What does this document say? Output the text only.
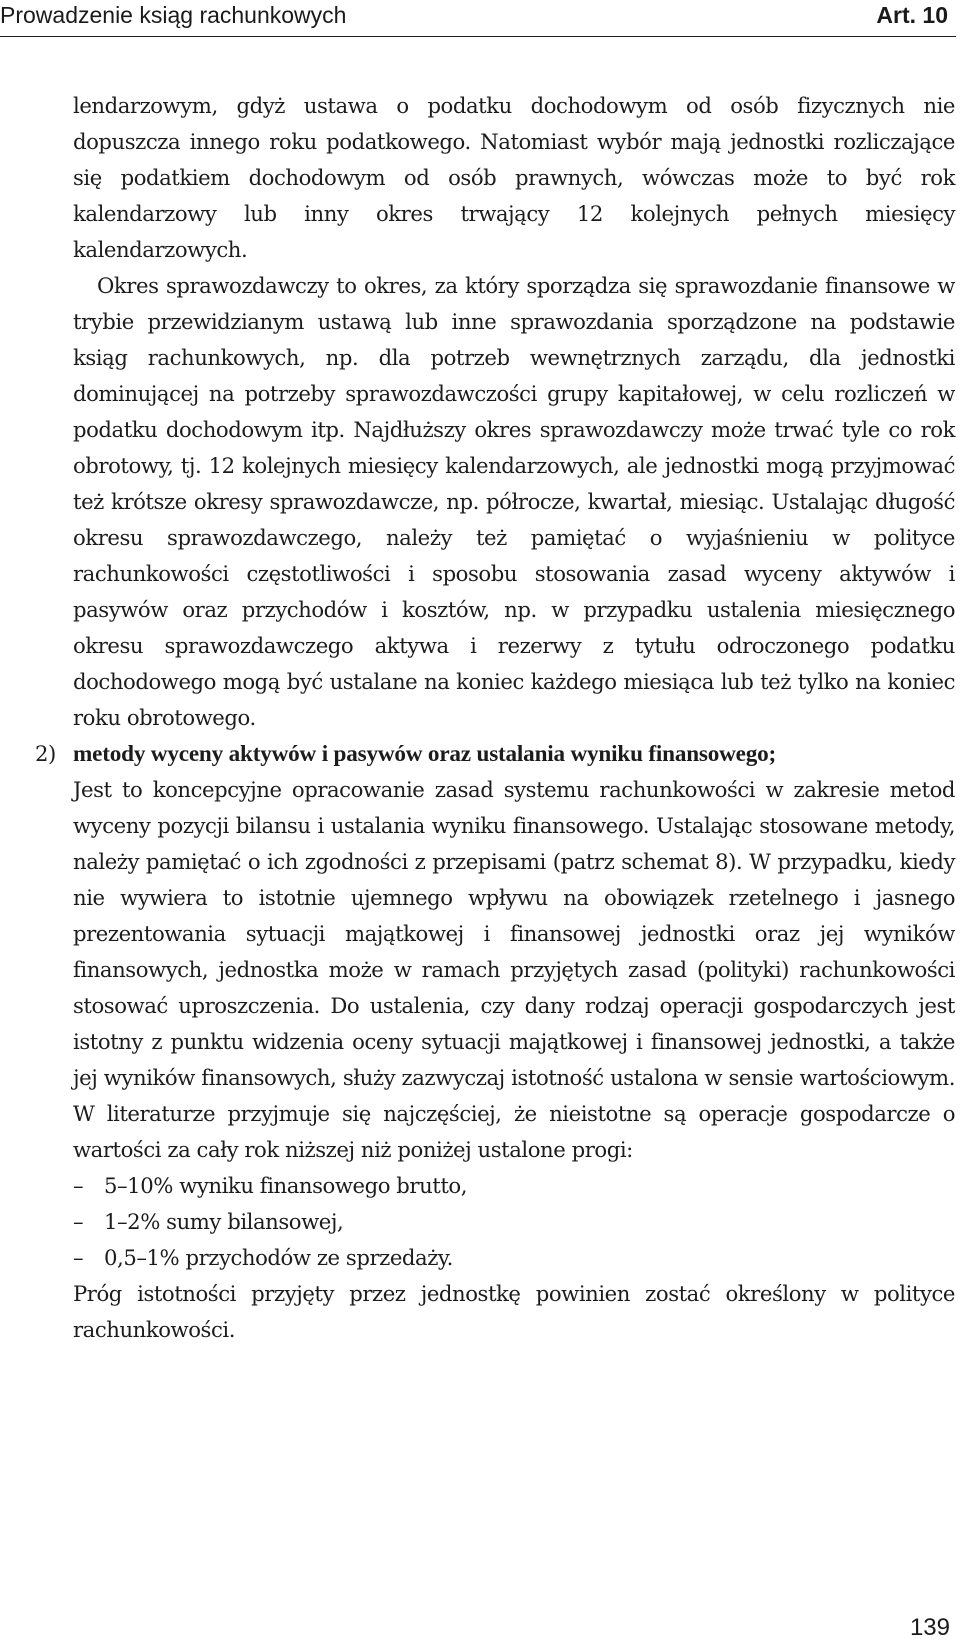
Prowadzenie ksiąg rachunkowych	Art. 10

lendarzowym, gdyż ustawa o podatku dochodowym od osób fizycznych nie dopuszcza innego roku podatkowego. Natomiast wybór mają jednostki rozliczające się podatkiem dochodowym od osób prawnych, wówczas może to być rok kalendarzowy lub inny okres trwający 12 kolejnych pełnych miesięcy kalendarzowych.

Okres sprawozdawczy to okres, za który sporządza się sprawozdanie finansowe w trybie przewidzianym ustawą lub inne sprawozdania sporządzone na podstawie ksiąg rachunkowych, np. dla potrzeb wewnętrznych zarządu, dla jednostki dominującej na potrzeby sprawozdawczości grupy kapitałowej, w celu rozliczeń w podatku dochodowym itp. Najdłuższy okres sprawozdawczy może trwać tyle co rok obrotowy, tj. 12 kolejnych miesięcy kalendarzowych, ale jednostki mogą przyjmować też krótsze okresy sprawozdawcze, np. półrocze, kwartał, miesiąc. Ustalając długość okresu sprawozdawczego, należy też pamiętać o wyjaśnieniu w polityce rachunkowości częstotliwości i sposobu stosowania zasad wyceny aktywów i pasywów oraz przychodów i kosztów, np. w przypadku ustalenia miesięcznego okresu sprawozdawczego aktywa i rezerwy z tytułu odroczonego podatku dochodowego mogą być ustalane na koniec każdego miesiąca lub też tylko na koniec roku obrotowego.

2) metody wyceny aktywów i pasywów oraz ustalania wyniku finansowego;

Jest to koncepcyjne opracowanie zasad systemu rachunkowości w zakresie metod wyceny pozycji bilansu i ustalania wyniku finansowego. Ustalając stosowane metody, należy pamiętać o ich zgodności z przepisami (patrz schemat 8). W przypadku, kiedy nie wywiera to istotnie ujemnego wpływu na obowiązek rzetelnego i jasnego prezentowania sytuacji majątkowej i finansowej jednostki oraz jej wyników finansowych, jednostka może w ramach przyjętych zasad (polityki) rachunkowości stosować uproszczenia. Do ustalenia, czy dany rodzaj operacji gospodarczych jest istotny z punktu widzenia oceny sytuacji majątkowej i finansowej jednostki, a także jej wyników finansowych, służy zazwyczaj istotność ustalona w sensie wartościowym. W literaturze przyjmuje się najczęściej, że nieistotne są operacje gospodarcze o wartości za cały rok niższej niż poniżej ustalone progi:

– 5–10% wyniku finansowego brutto,
– 1–2% sumy bilansowej,
– 0,5–1% przychodów ze sprzedaży.

Próg istotności przyjęty przez jednostkę powinien zostać określony w polityce rachunkowości.

139
